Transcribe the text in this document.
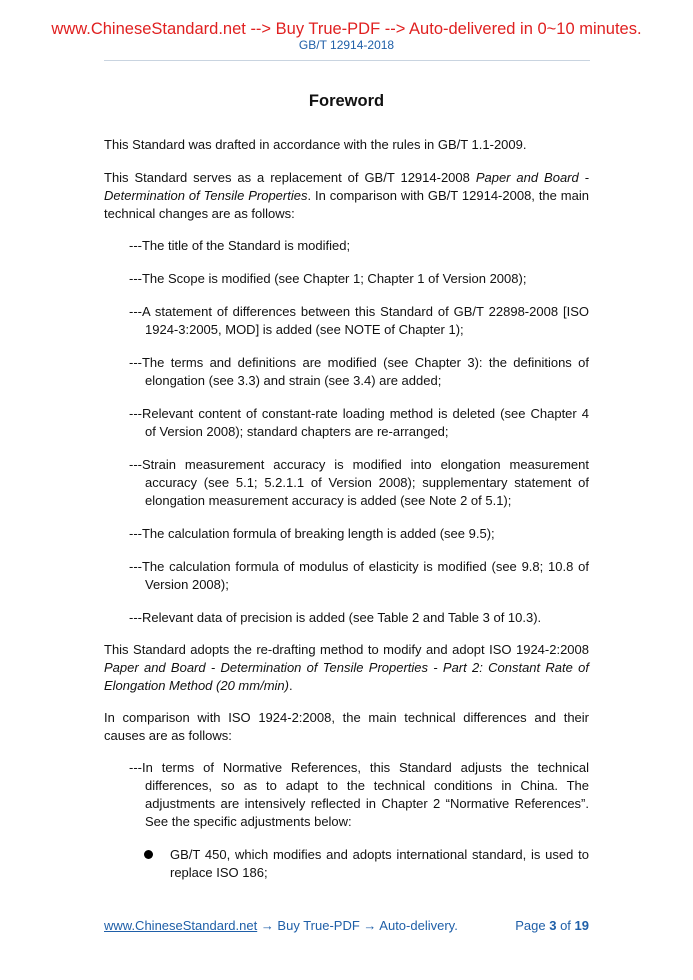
www.ChineseStandard.net --> Buy True-PDF --> Auto-delivered in 0~10 minutes.
GB/T 12914-2018
Foreword

This Standard was drafted in accordance with the rules in GB/T 1.1-2009.

This Standard serves as a replacement of GB/T 12914-2008 Paper and Board - Determination of Tensile Properties. In comparison with GB/T 12914-2008, the main technical changes are as follows:

---The title of the Standard is modified;
---The Scope is modified (see Chapter 1; Chapter 1 of Version 2008);
---A statement of differences between this Standard of GB/T 22898-2008 [ISO 1924-3:2005, MOD] is added (see NOTE of Chapter 1);
---The terms and definitions are modified (see Chapter 3): the definitions of elongation (see 3.3) and strain (see 3.4) are added;
---Relevant content of constant-rate loading method is deleted (see Chapter 4 of Version 2008); standard chapters are re-arranged;
---Strain measurement accuracy is modified into elongation measurement accuracy (see 5.1; 5.2.1.1 of Version 2008); supplementary statement of elongation measurement accuracy is added (see Note 2 of 5.1);
---The calculation formula of breaking length is added (see 9.5);
---The calculation formula of modulus of elasticity is modified (see 9.8; 10.8 of Version 2008);
---Relevant data of precision is added (see Table 2 and Table 3 of 10.3).

This Standard adopts the re-drafting method to modify and adopt ISO 1924-2:2008 Paper and Board - Determination of Tensile Properties - Part 2: Constant Rate of Elongation Method (20 mm/min).

In comparison with ISO 1924-2:2008, the main technical differences and their causes are as follows:

---In terms of Normative References, this Standard adjusts the technical differences, so as to adapt to the technical conditions in China. The adjustments are intensively reflected in Chapter 2 “Normative References”. See the specific adjustments below:
GB/T 450, which modifies and adopts international standard, is used to replace ISO 186;
www.ChineseStandard.net → Buy True-PDF → Auto-delivery.	Page 3 of 19
